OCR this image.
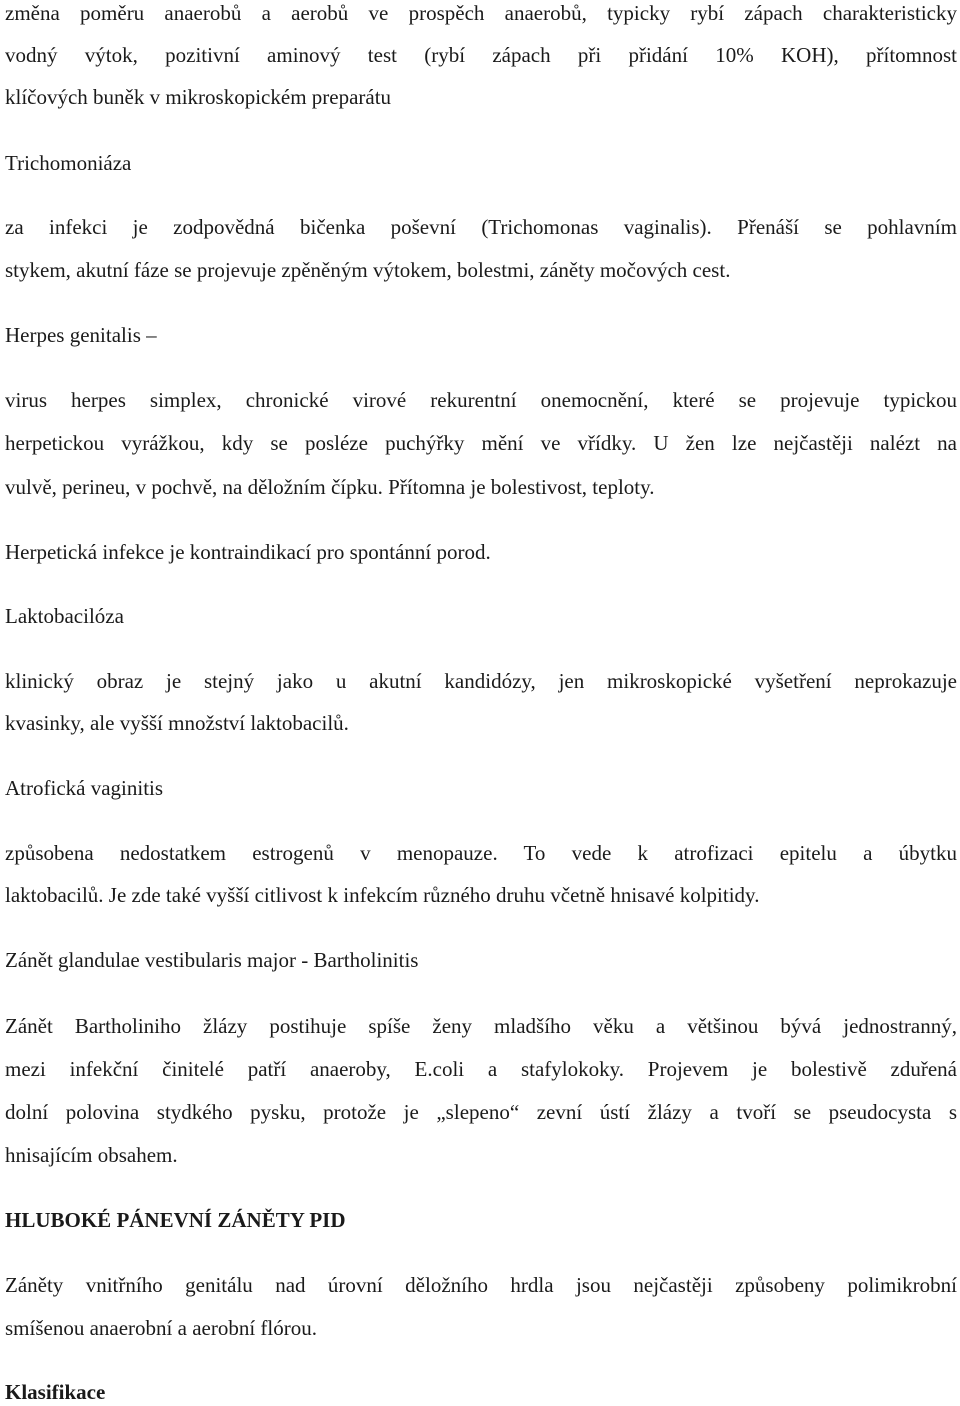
změna poměru anaerobů a aerobů ve prospěch anaerobů, typicky rybí zápach charakteristicky
vodný výtok, pozitivní aminový test (rybí zápach při přidání 10% KOH), přítomnost
klíčových buněk v mikroskopickém preparátu
Trichomoniáza
za infekci je zodpovědná bičenka poševní (Trichomonas vaginalis). Přenáší se pohlavním
stykem, akutní fáze se projevuje zpěněným výtokem, bolestmi, záněty močových cest.
Herpes genitalis –
virus herpes simplex, chronické virové rekurentní onemocnění, které se projevuje typickou
herpetickou vyrážkou, kdy se posléze puchýřky mění ve vřídky. U žen lze nejčastěji nalézt na
vulvě, perineu, v pochvě, na děložním čípku. Přítomna je bolestivost, teploty.
Herpetická infekce je kontraindikací pro spontánní porod.
Laktobacilóza
klinický obraz je stejný jako u akutní kandidózy, jen mikroskopické vyšetření neprokazuje
kvasinky, ale vyšší množství laktobacilů.
Atrofická vaginitis
způsobena nedostatkem estrogenů v menopauze. To vede k atrofizaci epitelu a úbytku
laktobacilů. Je zde také vyšší citlivost k infekcím různého druhu včetně hnisavé kolpitidy.
Zánět glandulae vestibularis major - Bartholinitis
Zánět Bartholiniho žlázy postihuje spíše ženy mladšího věku a většinou bývá jednostranný,
mezi infekční činitelé patří anaeroby, E.coli a stafylokoky. Projevem je bolestivě zduřená
dolní polovina stydkého pysku, protože je „slepeno“ zevní ústí žlázy a tvoří se pseudocysta s
hnisajícím obsahem.
HLUBOKÉ PÁNEVNÍ ZÁNĚTY PID
Záněty vnitřního genitálu nad úrovní děložního hrdla jsou nejčastěji způsobeny polimikrobní
smíšenou anaerobní a aerobní flórou.
Klasifikace
